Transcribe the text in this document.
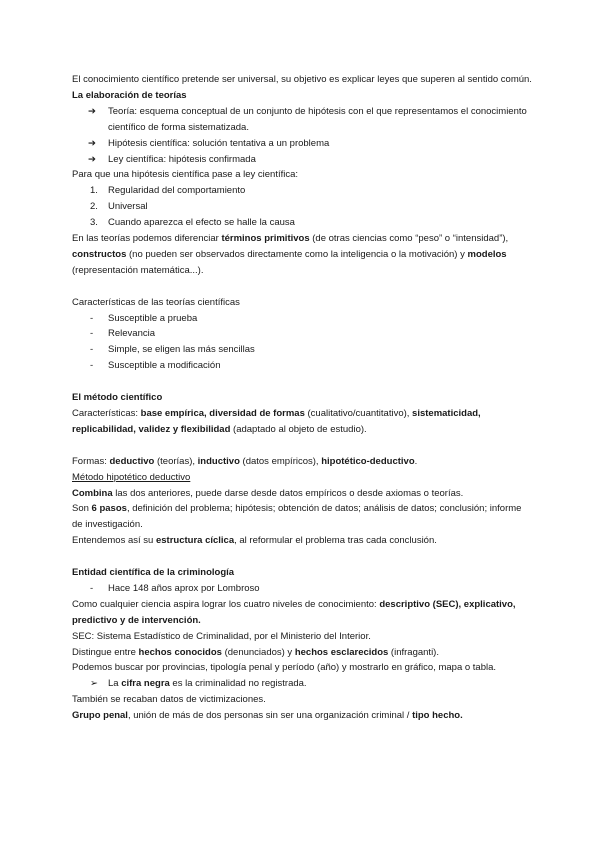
El conocimiento científico pretende ser universal, su objetivo es explicar leyes que superen al sentido común.

La elaboración de teorías

➔	Teoría: esquema conceptual de un conjunto de hipótesis con el que representamos el conocimiento científico de forma sistematizada.
➔	Hipótesis científica: solución tentativa a un problema
➔	Ley científica: hipótesis confirmada

Para que una hipótesis científica pase a ley científica:

1.	Regularidad del comportamiento
2.	Universal
3.	Cuando aparezca el efecto se halle la causa

En las teorías podemos diferenciar términos primitivos (de otras ciencias como “peso” o “intensidad”), constructos (no pueden ser observados directamente como la inteligencia o la motivación) y modelos (representación matemática...).

Características de las teorías científicas

-	Susceptible a prueba
-	Relevancia
-	Simple, se eligen las más sencillas
-	Susceptible a modificación

El método científico

Características: base empírica, diversidad de formas (cualitativo/cuantitativo), sistematicidad, replicabilidad, validez y flexibilidad (adaptado al objeto de estudio).

Formas: deductivo (teorías), inductivo (datos empíricos), hipotético-deductivo.

Método hipotético deductivo

Combina las dos anteriores, puede darse desde datos empíricos o desde axiomas o teorías.

Son 6 pasos, definición del problema; hipótesis; obtención de datos; análisis de datos; conclusión; informe de investigación.

Entendemos así su estructura cíclica, al reformular el problema tras cada conclusión.

Entidad científica de la criminología

-	Hace 148 años aprox por Lombroso

Como cualquier ciencia aspira lograr los cuatro niveles de conocimiento: descriptivo (SEC), explicativo, predictivo y de intervención.

SEC: Sistema Estadístico de Criminalidad, por el Ministerio del Interior.

Distingue entre hechos conocidos (denunciados) y hechos esclarecidos (infraganti).

Podemos buscar por provincias, tipología penal y período (año) y mostrarlo en gráfico, mapa o tabla.

➢	La cifra negra es la criminalidad no registrada.

También se recaban datos de victimizaciones.

Grupo penal, unión de más de dos personas sin ser una organización criminal / tipo hecho.
